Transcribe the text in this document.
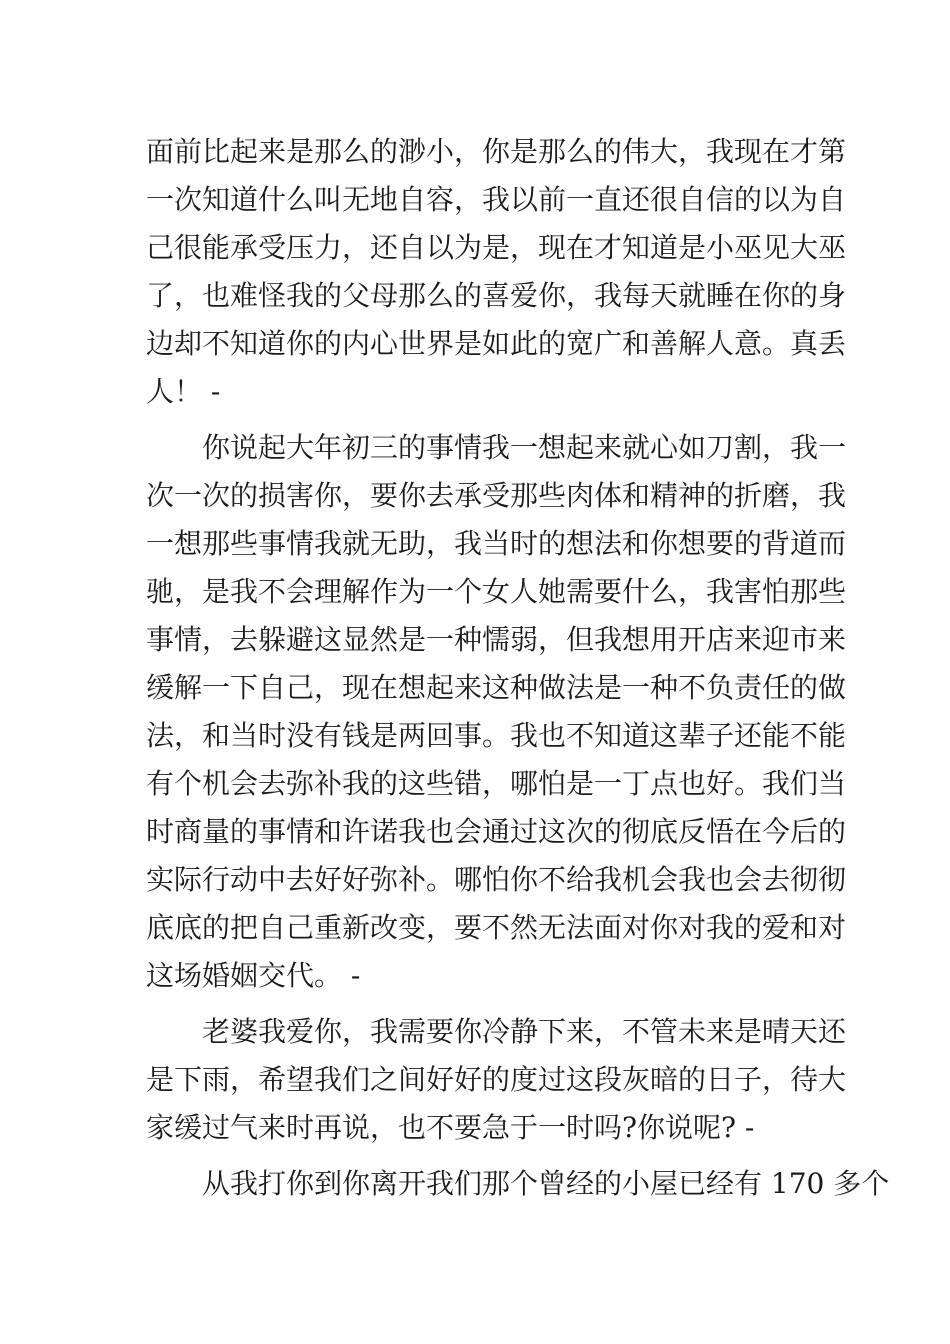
面前比起来是那么的渺小，你是那么的伟大，我现在才第
一次知道什么叫无地自容，我以前一直还很自信的以为自
己很能承受压力，还自以为是，现在才知道是小巫见大巫
了，也难怪我的父母那么的喜爱你，我每天就睡在你的身
边却不知道你的内心世界是如此的宽广和善解人意。真丢
人！ -
你说起大年初三的事情我一想起来就心如刀割，我一
次一次的损害你，要你去承受那些肉体和精神的折磨，我
一想那些事情我就无助，我当时的想法和你想要的背道而
驰，是我不会理解作为一个女人她需要什么，我害怕那些
事情，去躲避这显然是一种懦弱，但我想用开店来迎市来
缓解一下自己，现在想起来这种做法是一种不负责任的做
法，和当时没有钱是两回事。我也不知道这辈子还能不能
有个机会去弥补我的这些错，哪怕是一丁点也好。我们当
时商量的事情和许诺我也会通过这次的彻底反悟在今后的
实际行动中去好好弥补。哪怕你不给我机会我也会去彻彻
底底的把自己重新改变，要不然无法面对你对我的爱和对
这场婚姻交代。 -
老婆我爱你，我需要你冷静下来，不管未来是晴天还
是下雨，希望我们之间好好的度过这段灰暗的日子，待大
家缓过气来时再说，也不要急于一时吗?你说呢? -
从我打你到你离开我们那个曾经的小屋已经有 170 多个
